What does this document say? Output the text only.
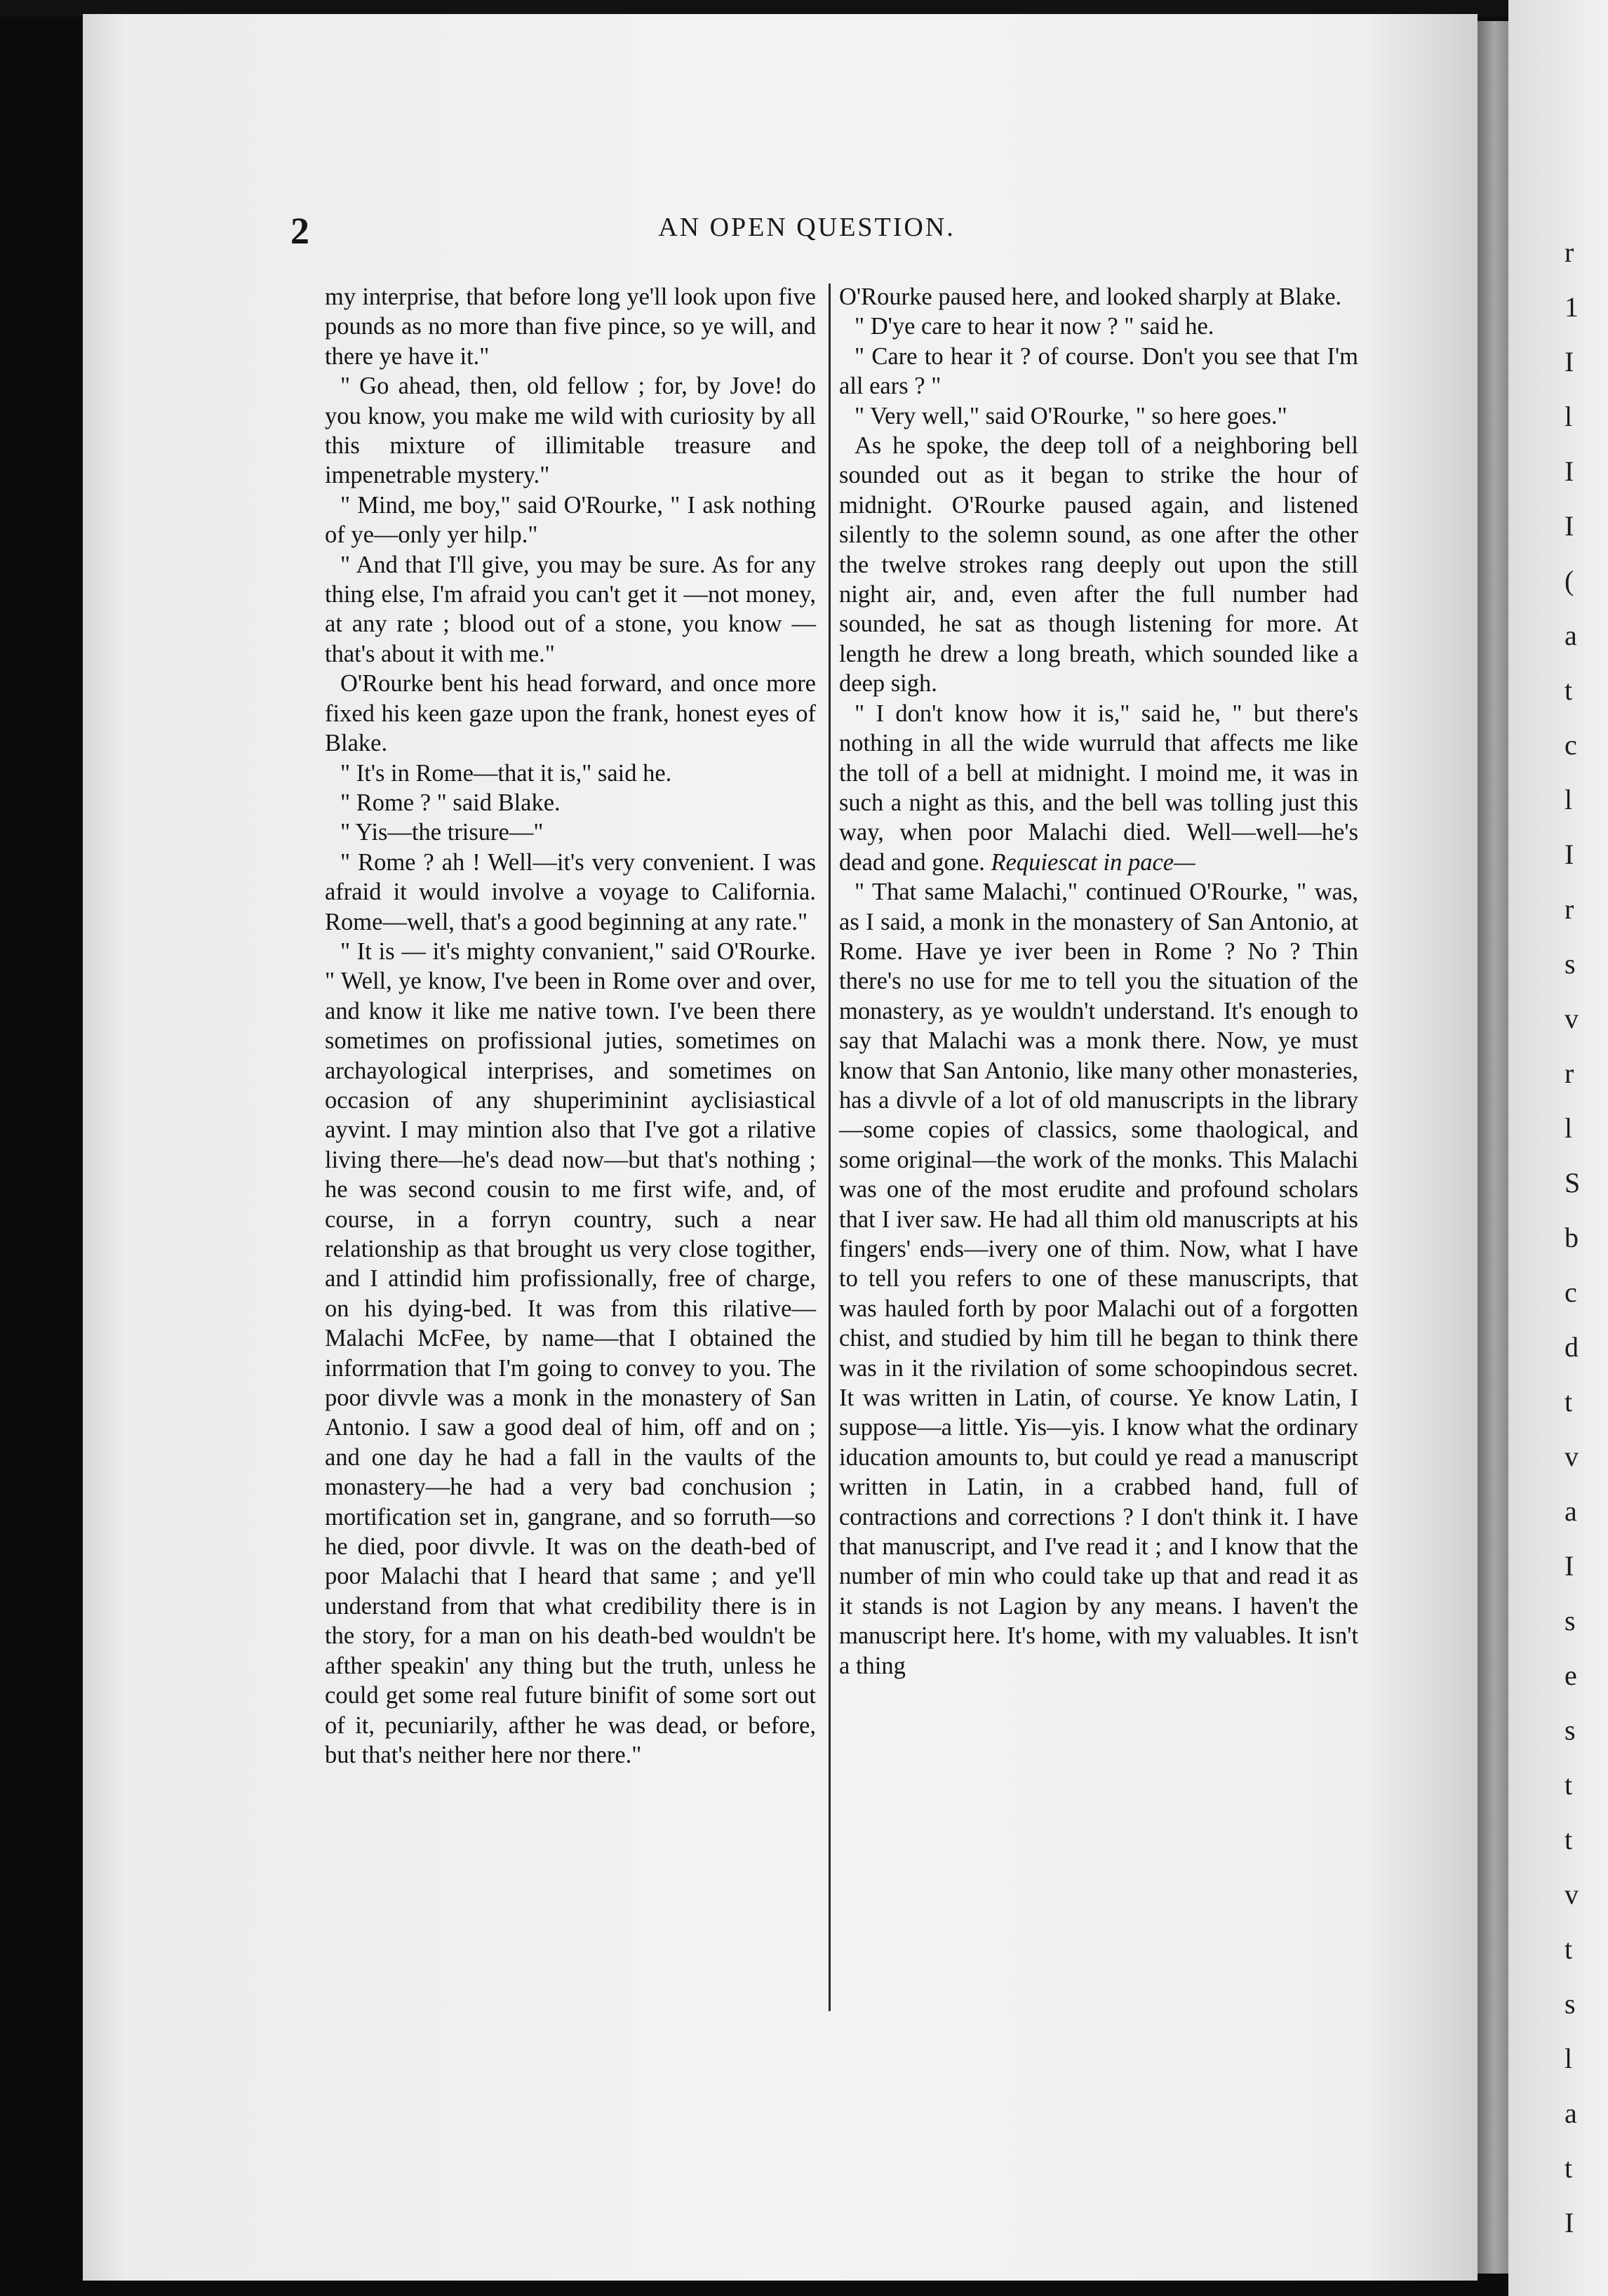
r
1
I
l
I
I
(
a
t
c
l
I
r
s
v
r
l
S
b
c
d
t
v
a
I
s
e
s
t
t
v
t
s
l
a
t
I
2	AN OPEN QUESTION.

my interprise, that before long ye'll look upon five pounds as no more than five pince, so ye will, and there ye have it."

" Go ahead, then, old fellow ; for, by Jove! do you know, you make me wild with curiosity by all this mixture of illimitable treasure and impenetrable mystery."

" Mind, me boy," said O'Rourke, " I ask nothing of ye—only yer hilp."

" And that I'll give, you may be sure. As for any thing else, I'm afraid you can't get it —not money, at any rate ; blood out of a stone, you know — that's about it with me."

O'Rourke bent his head forward, and once more fixed his keen gaze upon the frank, honest eyes of Blake.

" It's in Rome—that it is," said he.

" Rome ? " said Blake.

" Yis—the trisure—"

" Rome ? ah ! Well—it's very convenient. I was afraid it would involve a voyage to California. Rome—well, that's a good beginning at any rate."

" It is — it's mighty convanient," said O'Rourke. " Well, ye know, I've been in Rome over and over, and know it like me native town. I've been there sometimes on profissional juties, sometimes on archayological interprises, and sometimes on occasion of any shuperiminint ayclisiastical ayvint. I may mintion also that I've got a rilative living there—he's dead now—but that's nothing ; he was second cousin to me first wife, and, of course, in a forryn country, such a near relationship as that brought us very close togither, and I attindid him profissionally, free of charge, on his dying-bed. It was from this rilative—Malachi McFee, by name—that I obtained the inforrmation that I'm going to convey to you. The poor divvle was a monk in the monastery of San Antonio. I saw a good deal of him, off and on ; and one day he had a fall in the vaults of the monastery—he had a very bad conchusion ; mortification set in, gangrane, and so forruth—so he died, poor divvle. It was on the death-bed of poor Malachi that I heard that same ; and ye'll understand from that what credibility there is in the story, for a man on his death-bed wouldn't be afther speakin' any thing but the truth, unless he could get some real future binifit of some sort out of it, pecuniarily, afther he was dead, or before, but that's neither here nor there."

O'Rourke paused here, and looked sharply at Blake.

" D'ye care to hear it now ? " said he.

" Care to hear it ? of course. Don't you see that I'm all ears ? "

" Very well," said O'Rourke, " so here goes."

As he spoke, the deep toll of a neighboring bell sounded out as it began to strike the hour of midnight. O'Rourke paused again, and listened silently to the solemn sound, as one after the other the twelve strokes rang deeply out upon the still night air, and, even after the full number had sounded, he sat as though listening for more. At length he drew a long breath, which sounded like a deep sigh.

" I don't know how it is," said he, " but there's nothing in all the wide wurruld that affects me like the toll of a bell at midnight. I moind me, it was in such a night as this, and the bell was tolling just this way, when poor Malachi died. Well—well—he's dead and gone. Requiescat in pace—

" That same Malachi," continued O'Rourke, " was, as I said, a monk in the monastery of San Antonio, at Rome. Have ye iver been in Rome ? No ? Thin there's no use for me to tell you the situation of the monastery, as ye wouldn't understand. It's enough to say that Malachi was a monk there. Now, ye must know that San Antonio, like many other monasteries, has a divvle of a lot of old manuscripts in the library—some copies of classics, some thaological, and some original—the work of the monks. This Malachi was one of the most erudite and profound scholars that I iver saw. He had all thim old manuscripts at his fingers' ends—ivery one of thim. Now, what I have to tell you refers to one of these manuscripts, that was hauled forth by poor Malachi out of a forgotten chist, and studied by him till he began to think there was in it the rivilation of some schoopindous secret. It was written in Latin, of course. Ye know Latin, I suppose—a little. Yis—yis. I know what the ordinary iducation amounts to, but could ye read a manuscript written in Latin, in a crabbed hand, full of contractions and corrections ? I don't think it. I have that manuscript, and I've read it ; and I know that the number of min who could take up that and read it as it stands is not Lagion by any means. I haven't the manuscript here. It's home, with my valuables. It isn't a thing
